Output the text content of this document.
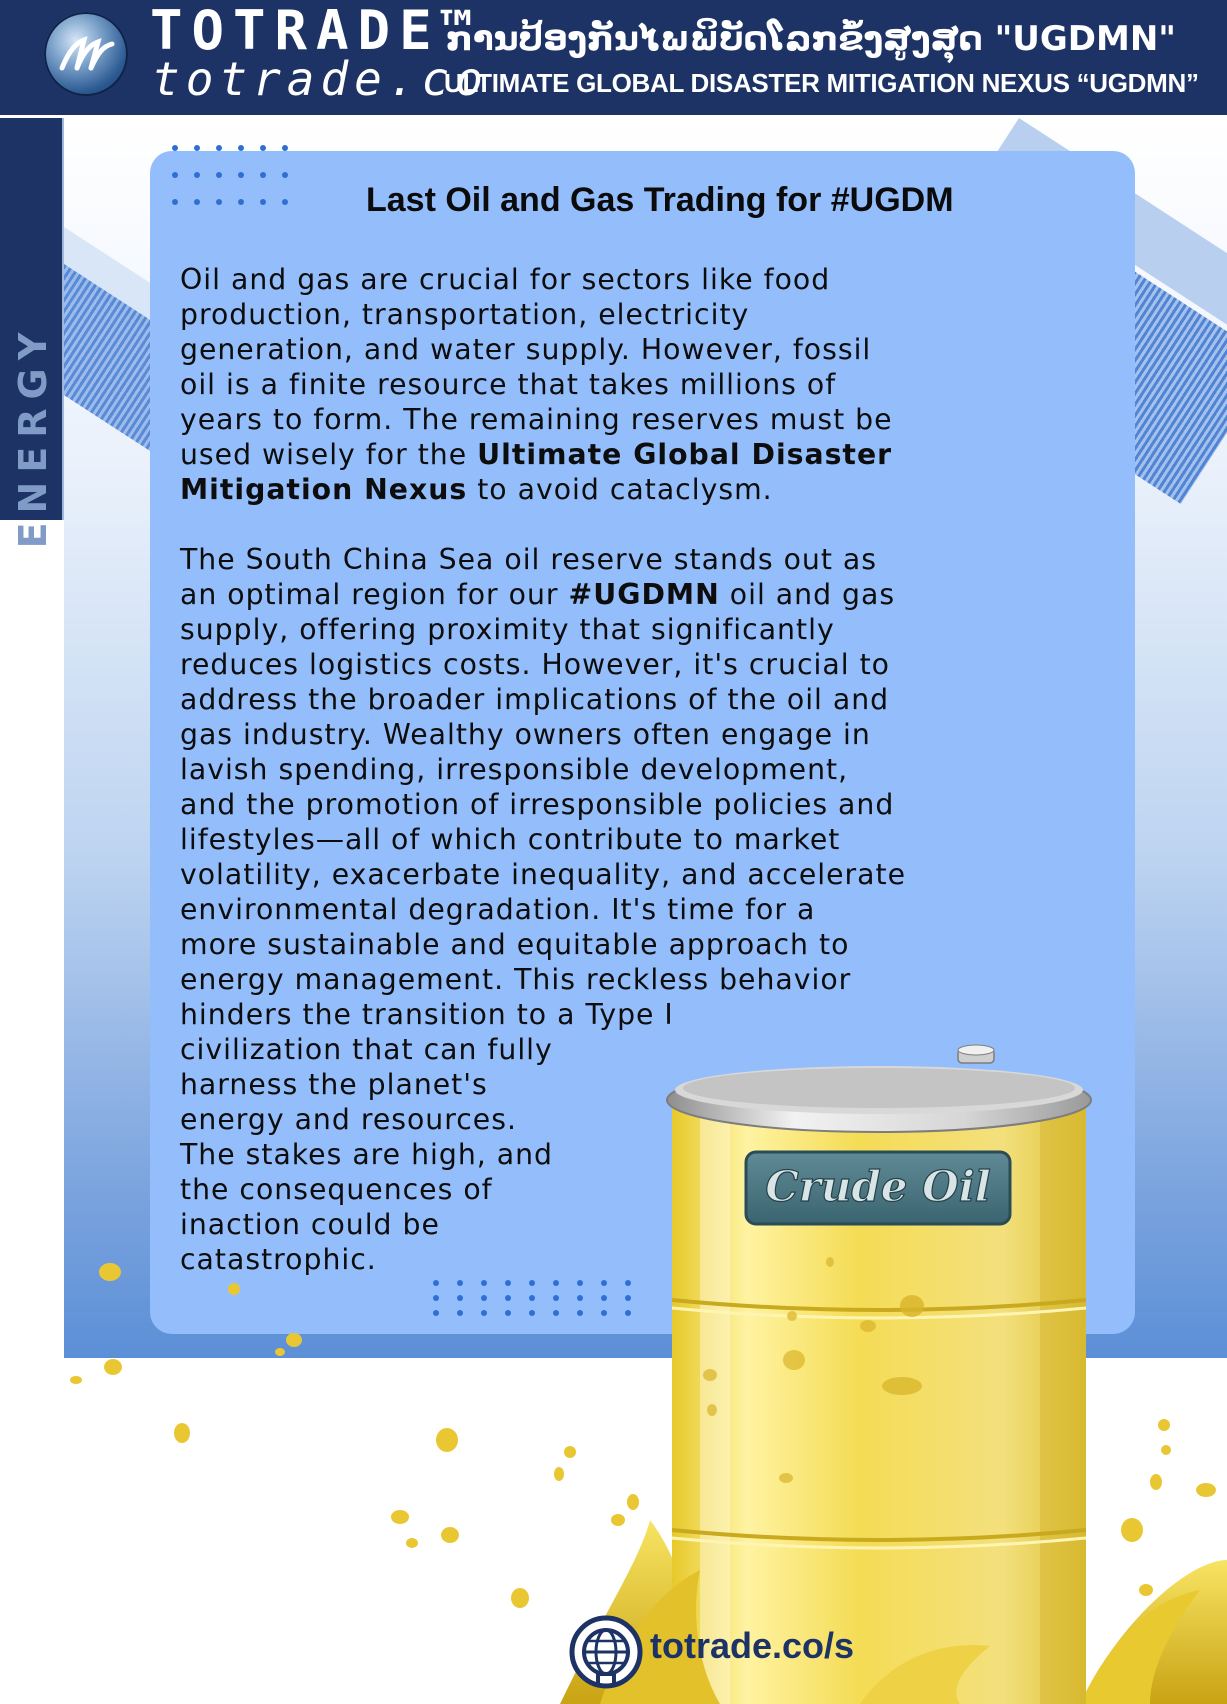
TOTRADE™
totrade.co
ການປ້ອງກັນໄພພິບັດໂລກຂໍ້ງສູງສຸດ "UGDMN"
ULTIMATE GLOBAL DISASTER MITIGATION NEXUS “UGDMN”
ENERGY
Last Oil and Gas Trading for #UGDM
Oil and gas are crucial for sectors like food
production, transportation, electricity
generation, and water supply. However, fossil
oil is a finite resource that takes millions of
years to form. The remaining reserves must be
used wisely for the Ultimate Global Disaster
Mitigation Nexus to avoid cataclysm.
The South China Sea oil reserve stands out as
an optimal region for our #UGDMN oil and gas
supply, offering proximity that significantly
reduces logistics costs. However, it's crucial to
address the broader implications of the oil and
gas industry. Wealthy owners often engage in
lavish spending, irresponsible development,
and the promotion of irresponsible policies and
lifestyles—all of which contribute to market
volatility, exacerbate inequality, and accelerate
environmental degradation. It's time for a
more sustainable and equitable approach to
energy management. This reckless behavior
hinders the transition to a Type I
civilization that can fully
harness the planet's
energy and resources.
The stakes are high, and
the consequences of
inaction could be
catastrophic.
Crude Oil
totrade.co/s
